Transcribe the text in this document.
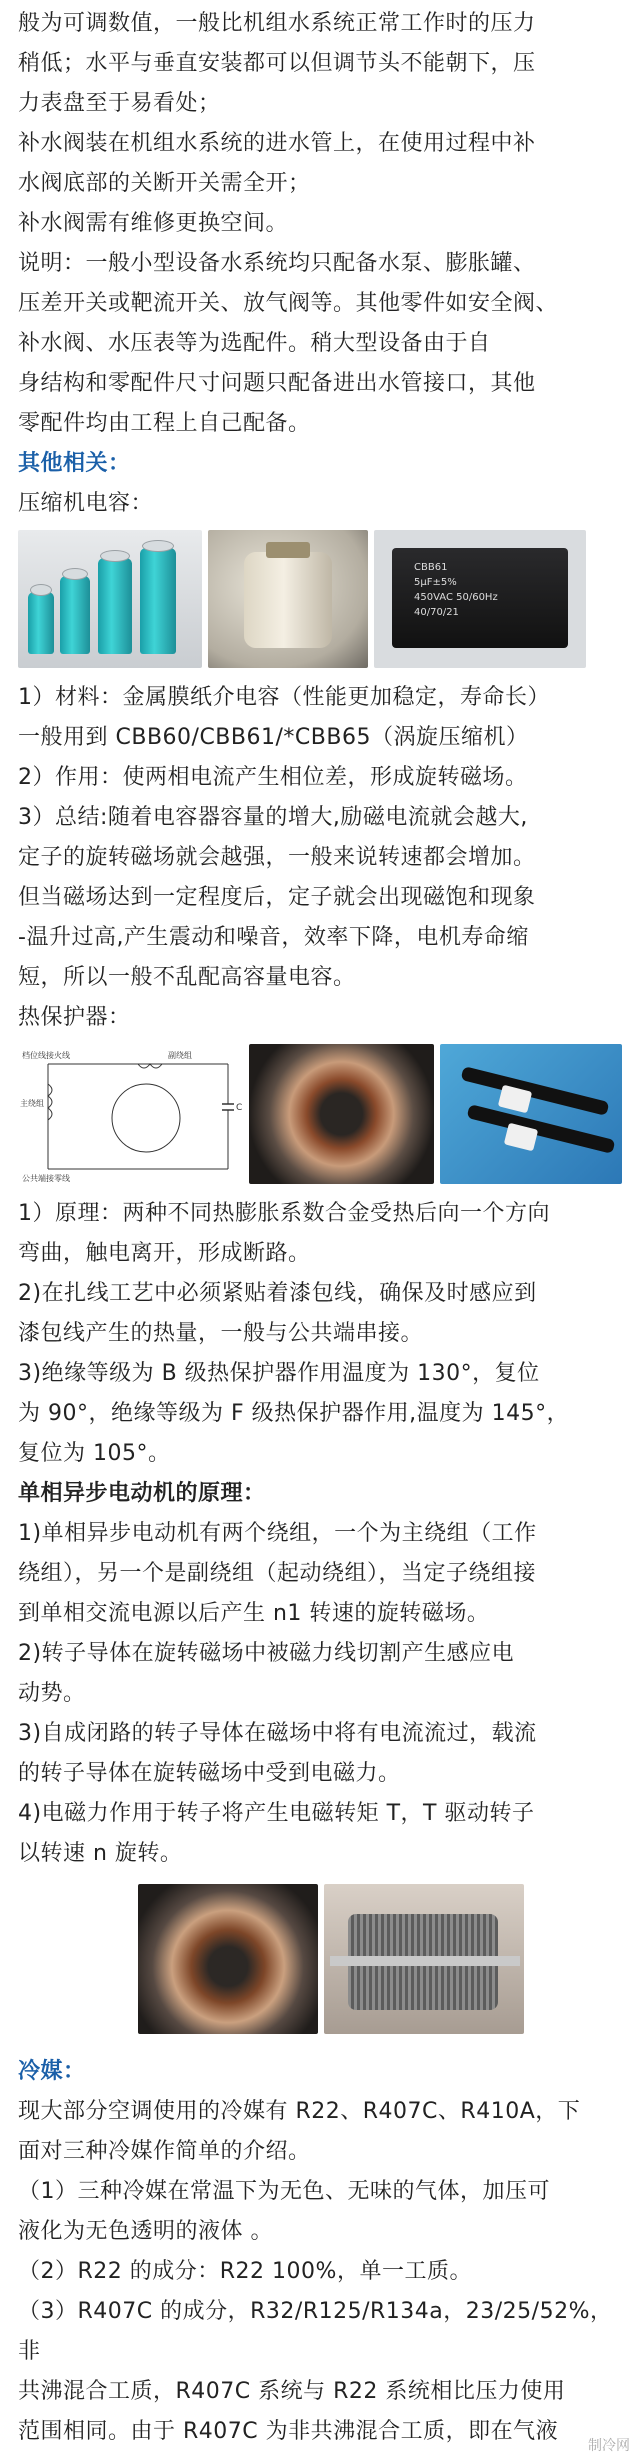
般为可调数值，一般比机组水系统正常工作时的压力

稍低；水平与垂直安装都可以但调节头不能朝下，压

力表盘至于易看处；

补水阀装在机组水系统的进水管上，在使用过程中补

水阀底部的关断开关需全开；

补水阀需有维修更换空间。

说明：一般小型设备水系统均只配备水泵、膨胀罐、

压差开关或靶流开关、放气阀等。其他零件如安全阀、

补水阀、水压表等为选配件。稍大型设备由于自

身结构和零配件尺寸问题只配备进出水管接口，其他

零配件均由工程上自己配备。

其他相关：

压缩机电容：

CBB61
5μF±5%
450VAC 50/60Hz
40/70/21

1）材料：金属膜纸介电容（性能更加稳定，寿命长）

一般用到 CBB60/CBB61/*CBB65（涡旋压缩机）

2）作用：使两相电流产生相位差，形成旋转磁场。

3）总结:随着电容器容量的增大,励磁电流就会越大,

定子的旋转磁场就会越强，一般来说转速都会增加。

但当磁场达到一定程度后，定子就会出现磁饱和现象

-温升过高,产生震动和噪音，效率下降，电机寿命缩

短，所以一般不乱配高容量电容。

热保护器：

档位线接火线	副绕组
主绕组	C
公共端接零线

1）原理：两种不同热膨胀系数合金受热后向一个方向

弯曲，触电离开，形成断路。

2)在扎线工艺中必须紧贴着漆包线，确保及时感应到

漆包线产生的热量，一般与公共端串接。

3)绝缘等级为 B 级热保护器作用温度为 130°，复位

为 90°，绝缘等级为 F 级热保护器作用,温度为 145°，

复位为 105°。

单相异步电动机的原理：

1)单相异步电动机有两个绕组，一个为主绕组（工作

绕组），另一个是副绕组（起动绕组），当定子绕组接

到单相交流电源以后产生 n1 转速的旋转磁场。

2)转子导体在旋转磁场中被磁力线切割产生感应电

动势。

3)自成闭路的转子导体在磁场中将有电流流过，载流

的转子导体在旋转磁场中受到电磁力。

4)电磁力作用于转子将产生电磁转矩 T，T 驱动转子

以转速 n 旋转。

冷媒：

现大部分空调使用的冷媒有 R22、R407C、R410A，下

面对三种冷媒作简单的介绍。

（1）三种冷媒在常温下为无色、无味的气体，加压可

液化为无色透明的液体 。

（2）R22 的成分：R22 100%，单一工质。

（3）R407C 的成分，R32/R125/R134a，23/25/52%，非

共沸混合工质，R407C 系统与 R22 系统相比压力使用

范围相同。由于 R407C 为非共沸混合工质，即在气液

制冷网
